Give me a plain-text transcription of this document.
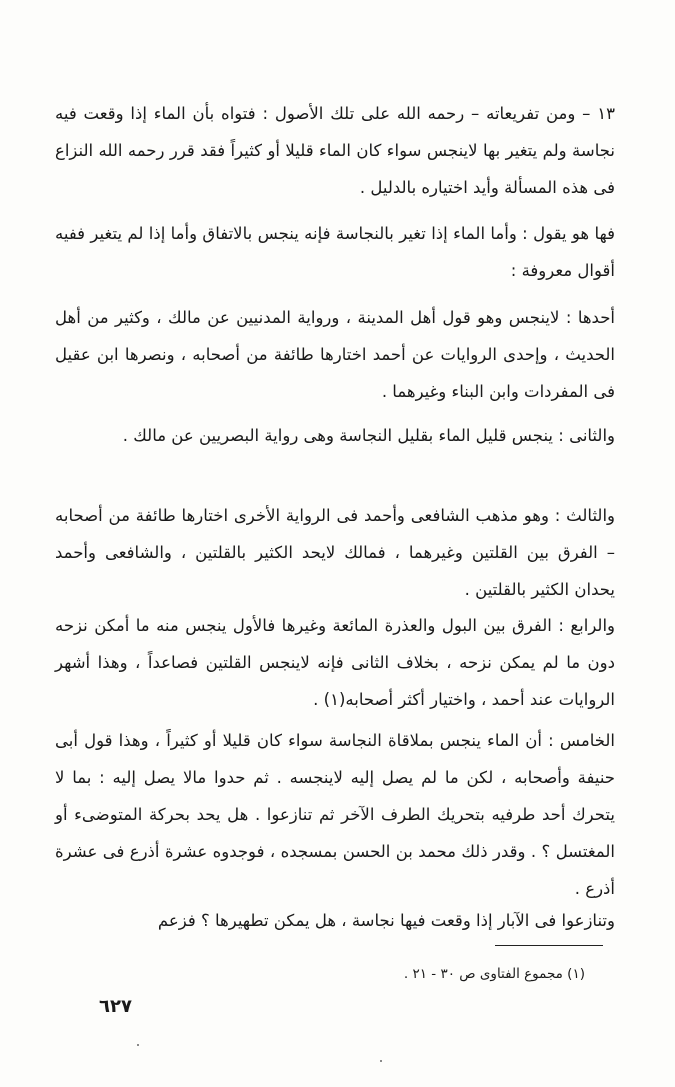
١٣ – ومن تفريعاته – رحمه الله على تلك الأصول : فتواه بأن الماء إذا وقعت فيه نجاسة ولم يتغير بها لاينجس سواء كان الماء قليلا أو كثيراً فقد قرر رحمه الله النزاع فى هذه المسألة وأيد اختياره بالدليل .

فها هو يقول : وأما الماء إذا تغير بالنجاسة فإنه ينجس بالاتفاق وأما إذا لم يتغير ففيه أقوال معروفة :

أحدها : لاينجس وهو قول أهل المدينة ، ورواية المدنيين عن مالك ، وكثير من أهل الحديث ، وإحدى الروايات عن أحمد اختارها طائفة من أصحابه ، ونصرها ابن عقيل فى المفردات وابن البناء وغيرهما .

والثانى : ينجس قليل الماء بقليل النجاسة وهى رواية البصريين عن مالك .

والثالث : وهو مذهب الشافعى وأحمد فى الرواية الأخرى اختارها طائفة من أصحابه – الفرق بين القلتين وغيرهما ، فمالك لايحد الكثير بالقلتين ، والشافعى وأحمد يحدان الكثير بالقلتين .

والرابع : الفرق بين البول والعذرة المائعة وغيرها فالأول ينجس منه ما أمكن نزحه دون ما لم يمكن نزحه ، بخلاف الثانى فإنه لاينجس القلتين فصاعداً ، وهذا أشهر الروايات عند أحمد ، واختيار أكثر أصحابه(١) .

الخامس : أن الماء ينجس بملاقاة النجاسة سواء كان قليلا أو كثيراً ، وهذا قول أبى حنيفة وأصحابه ، لكن ما لم يصل إليه لاينجسه . ثم حدوا مالا يصل إليه : بما لا يتحرك أحد طرفيه بتحريك الطرف الآخر ثم تنازعوا . هل يحد بحركة المتوضىء أو المغتسل ؟ . وقدر ذلك محمد بن الحسن بمسجده ، فوجدوه عشرة أذرع فى عشرة أذرع .

وتنازعوا فى الآبار إذا وقعت فيها نجاسة ، هل يمكن تطهيرها ؟ فزعم

(١) مجموع الفتاوى ص ٣٠ - ٢١ .
٦٢٧
